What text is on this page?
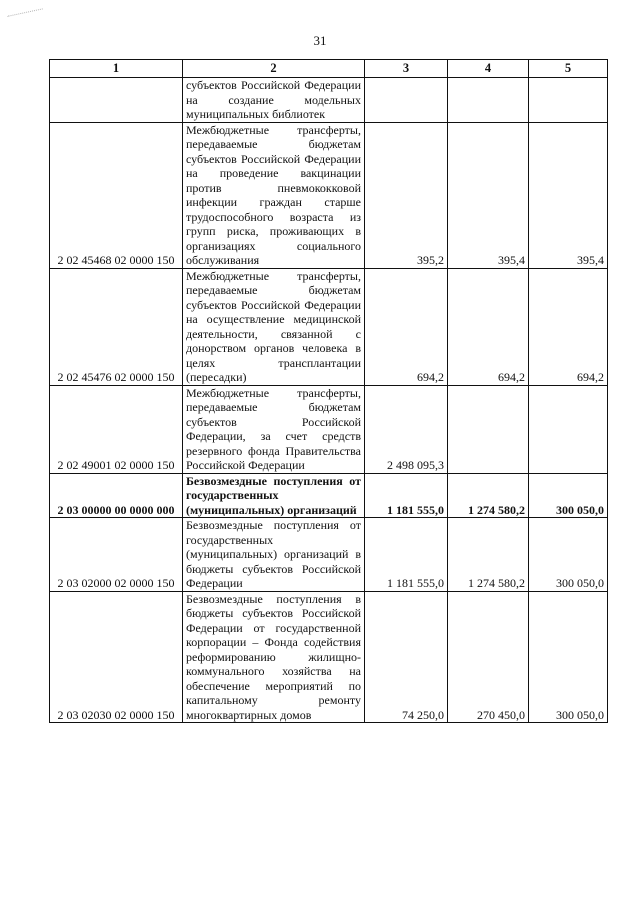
31
1	2	3	4	5
	субъектов Российской Федерации на создание модельных муниципальных библиотек			
2 02 45468 02 0000 150	Межбюджетные трансферты, передаваемые бюджетам субъектов Российской Федерации на проведение вакцинации против пневмококковой инфекции граждан старше трудоспособного возраста из групп риска, проживающих в организациях социального обслуживания	395,2	395,4	395,4
2 02 45476 02 0000 150	Межбюджетные трансферты, передаваемые бюджетам субъектов Российской Федерации на осуществление медицинской деятельности, связанной с донорством органов человека в целях трансплантации (пересадки)	694,2	694,2	694,2
2 02 49001 02 0000 150	Межбюджетные трансферты, передаваемые бюджетам субъектов Российской Федерации, за счет средств резервного фонда Правительства Российской Федерации	2 498 095,3		
2 03 00000 00 0000 000	Безвозмездные поступления от государственных (муниципальных) организаций	1 181 555,0	1 274 580,2	300 050,0
2 03 02000 02 0000 150	Безвозмездные поступления от государственных (муниципальных) организаций в бюджеты субъектов Российской Федерации	1 181 555,0	1 274 580,2	300 050,0
2 03 02030 02 0000 150	Безвозмездные поступления в бюджеты субъектов Российской Федерации от государственной корпорации – Фонда содействия реформированию жилищно-коммунального хозяйства на обеспечение мероприятий по капитальному ремонту многоквартирных домов	74 250,0	270 450,0	300 050,0
